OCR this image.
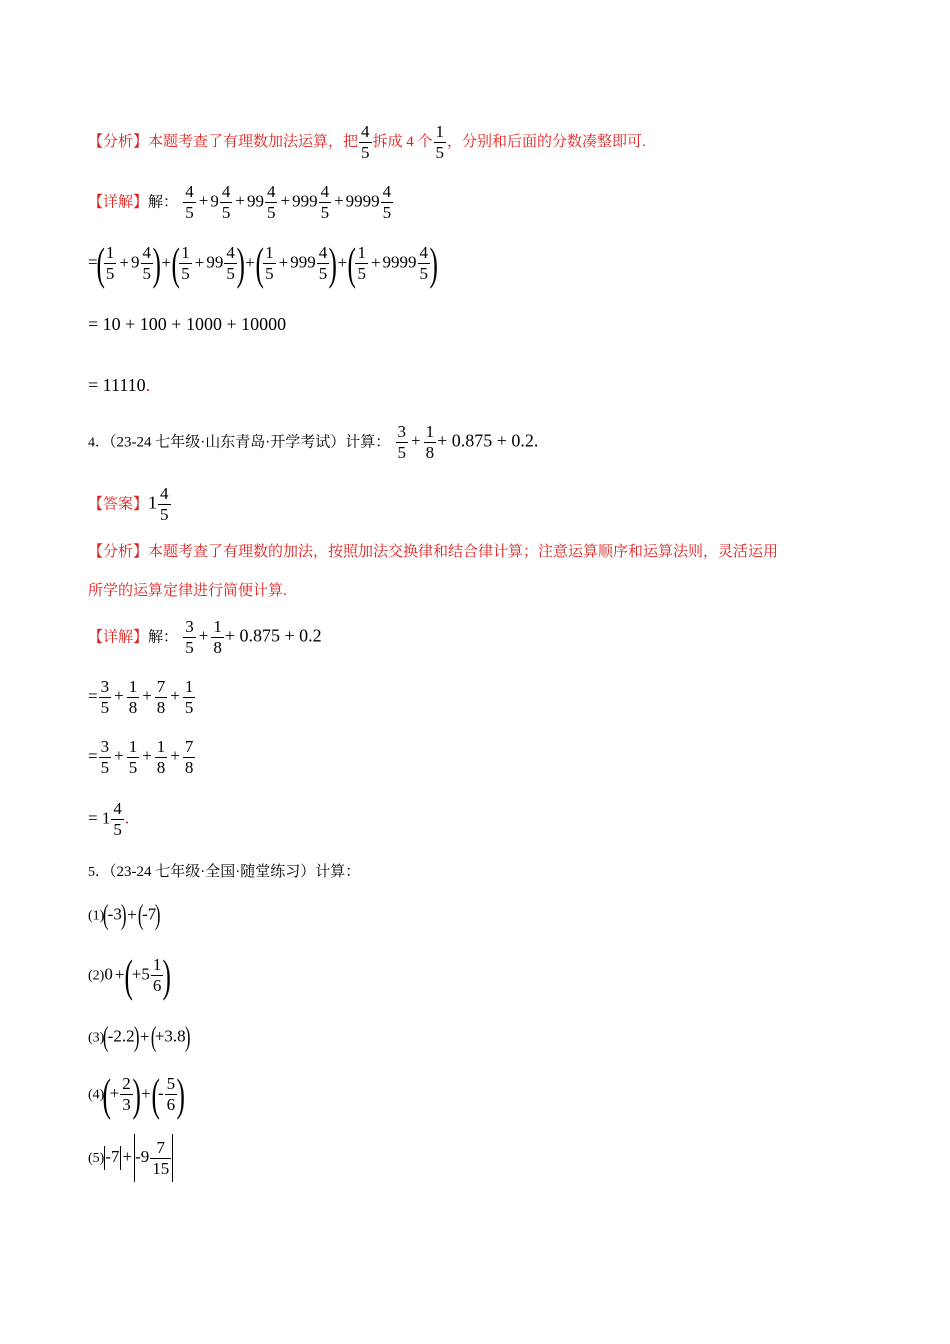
【分析】本题考查了有理数加法运算，把 $\frac{4}{5}$ 拆成 4 个 $\frac{1}{5}$ ，分别和后面的分数凑整即可.
【详解】解： $\frac{4}{5} + 9 \frac{4}{5} + 99 \frac{4}{5} + 999 \frac{4}{5} + 9999 \frac{4}{5}$
=( $\frac{1}{5} + 9 \frac{4}{5}$ )+( $\frac{1}{5} + 99 \frac{4}{5}$ )+( $\frac{1}{5} + 999 \frac{4}{5}$ )+( $\frac{1}{5} + 9999 \frac{4}{5}$ )
= 10 + 100 + 1000 + 10000
= 11110.
4．（23-24 七年级·山东青岛·开学考试）计算： $\frac{3}{5} + \frac{1}{8} + 0.875 + 0.2$.
【答案】$1 \frac{4}{5}$
【分析】本题考查了有理数的加法，按照加法交换律和结合律计算；注意运算顺序和运算法则，灵活运用
所学的运算定律进行简便计算.
【详解】解： $\frac{3}{5} + \frac{1}{8} + 0.875 + 0.2$
= $\frac{3}{5} + \frac{1}{8} + \frac{7}{8} + \frac{1}{5}$
= $\frac{3}{5} + \frac{1}{5} + \frac{1}{8} + \frac{7}{8}$
= $1 \frac{4}{5}$ .
5．（23-24 七年级·全国·随堂练习）计算：
(1)(-3)+(-7)
$(2)0 +(+5 \frac{1}{6}$ )
(3)(-2.2)+(+3.8)
$(4)(+ \frac{2}{3}$ )+(- $\frac{5}{6}$ )
$(5)-7 + -9 \frac{7}{15}$
